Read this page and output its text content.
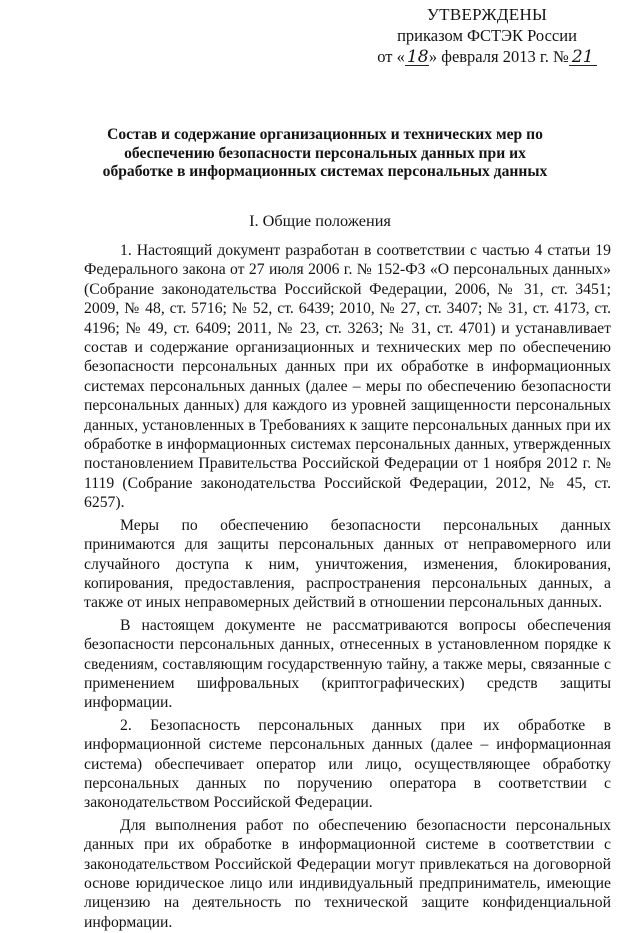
УТВЕРЖДЕНЫ
приказом ФСТЭК России
от « 18» февраля 2013 г. № 21
Состав и содержание организационных и технических мер по обеспечению безопасности персональных данных при их обработке в информационных системах персональных данных
I. Общие положения

1. Настоящий документ разработан в соответствии с частью 4 статьи 19 Федерального закона от 27 июля 2006 г. № 152-ФЗ «О персональных данных» (Собрание законодательства Российской Федерации, 2006, № 31, ст. 3451; 2009, № 48, ст. 5716; № 52, ст. 6439; 2010, № 27, ст. 3407; № 31, ст. 4173, ст. 4196; № 49, ст. 6409; 2011, № 23, ст. 3263; № 31, ст. 4701) и устанавливает состав и содержание организационных и технических мер по обеспечению безопасности персональных данных при их обработке в информационных системах персональных данных (далее – меры по обеспечению безопасности персональных данных) для каждого из уровней защищенности персональных данных, установленных в Требованиях к защите персональных данных при их обработке в информационных системах персональных данных, утвержденных постановлением Правительства Российской Федерации от 1 ноября 2012 г. № 1119 (Собрание законодательства Российской Федерации, 2012, № 45, ст. 6257).

Меры по обеспечению безопасности персональных данных принимаются для защиты персональных данных от неправомерного или случайного доступа к ним, уничтожения, изменения, блокирования, копирования, предоставления, распространения персональных данных, а также от иных неправомерных действий в отношении персональных данных.

В настоящем документе не рассматриваются вопросы обеспечения безопасности персональных данных, отнесенных в установленном порядке к сведениям, составляющим государственную тайну, а также меры, связанные с применением шифровальных (криптографических) средств защиты информации.

2. Безопасность персональных данных при их обработке в информационной системе персональных данных (далее – информационная система) обеспечивает оператор или лицо, осуществляющее обработку персональных данных по поручению оператора в соответствии с законодательством Российской Федерации.

Для выполнения работ по обеспечению безопасности персональных данных при их обработке в информационной системе в соответствии с законодательством Российской Федерации могут привлекаться на договорной основе юридическое лицо или индивидуальный предприниматель, имеющие лицензию на деятельность по технической защите конфиденциальной информации.
